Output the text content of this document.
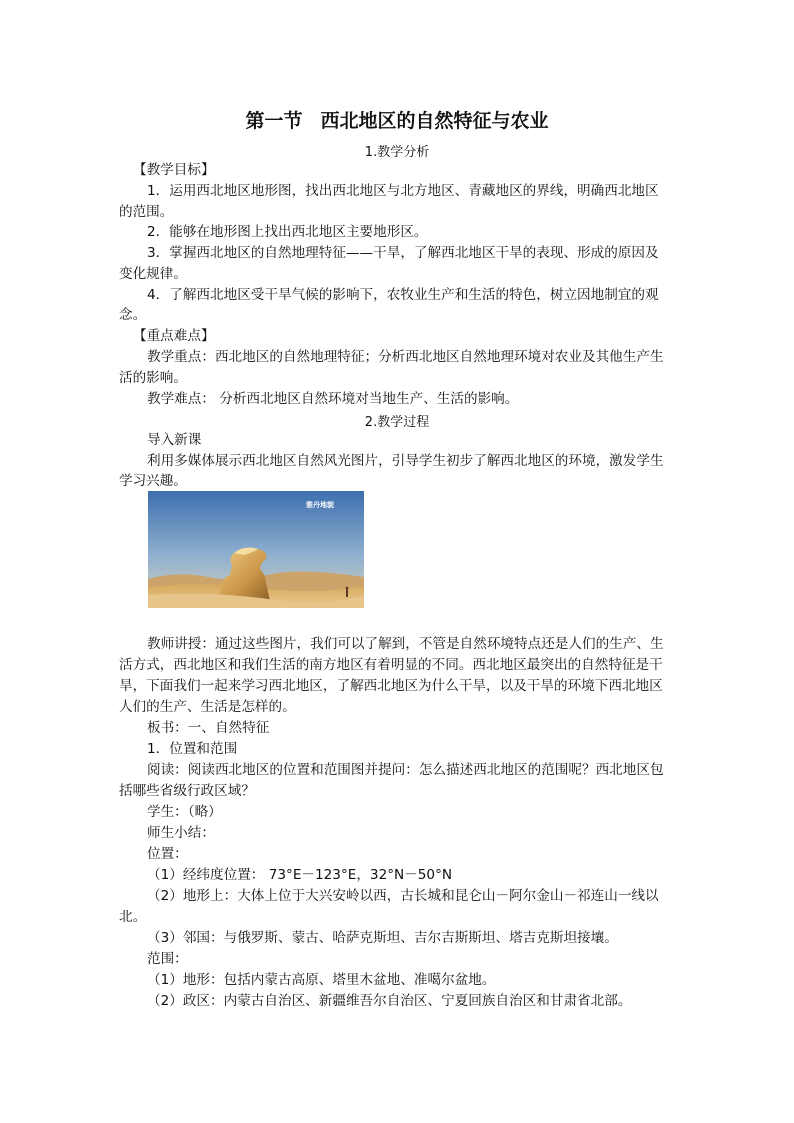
第一节 西北地区的自然特征与农业
1.教学分析
【教学目标】
1．运用西北地区地形图，找出西北地区与北方地区、青藏地区的界线，明确西北地区
的范围。
2．能够在地形图上找出西北地区主要地形区。
3．掌握西北地区的自然地理特征——干旱，了解西北地区干旱的表现、形成的原因及
变化规律。
4．了解西北地区受干旱气候的影响下，农牧业生产和生活的特色，树立因地制宜的观
念。
【重点难点】
教学重点：西北地区的自然地理特征；分析西北地区自然地理环境对农业及其他生产生
活的影响。
教学难点： 分析西北地区自然环境对当地生产、生活的影响。
2.教学过程
导入新课
利用多媒体展示西北地区自然风光图片，引导学生初步了解西北地区的环境，激发学生
学习兴趣。
雅丹地貌
教师讲授：通过这些图片，我们可以了解到，不管是自然环境特点还是人们的生产、生
活方式，西北地区和我们生活的南方地区有着明显的不同。西北地区最突出的自然特征是干
旱，下面我们一起来学习西北地区，了解西北地区为什么干旱，以及干旱的环境下西北地区
人们的生产、生活是怎样的。
板书：一、自然特征
1．位置和范围
阅读：阅读西北地区的位置和范围图并提问：怎么描述西北地区的范围呢？西北地区包
括哪些省级行政区域？
学生：（略）
师生小结：
位置：
（1）经纬度位置： 73°E－123°E，32°N－50°N
（2）地形上：大体上位于大兴安岭以西，古长城和昆仑山－阿尔金山－祁连山一线以
北。
（3）邻国：与俄罗斯、蒙古、哈萨克斯坦、吉尔吉斯斯坦、塔吉克斯坦接壤。
范围：
（1）地形：包括内蒙古高原、塔里木盆地、准噶尔盆地。
（2）政区：内蒙古自治区、新疆维吾尔自治区、宁夏回族自治区和甘肃省北部。
